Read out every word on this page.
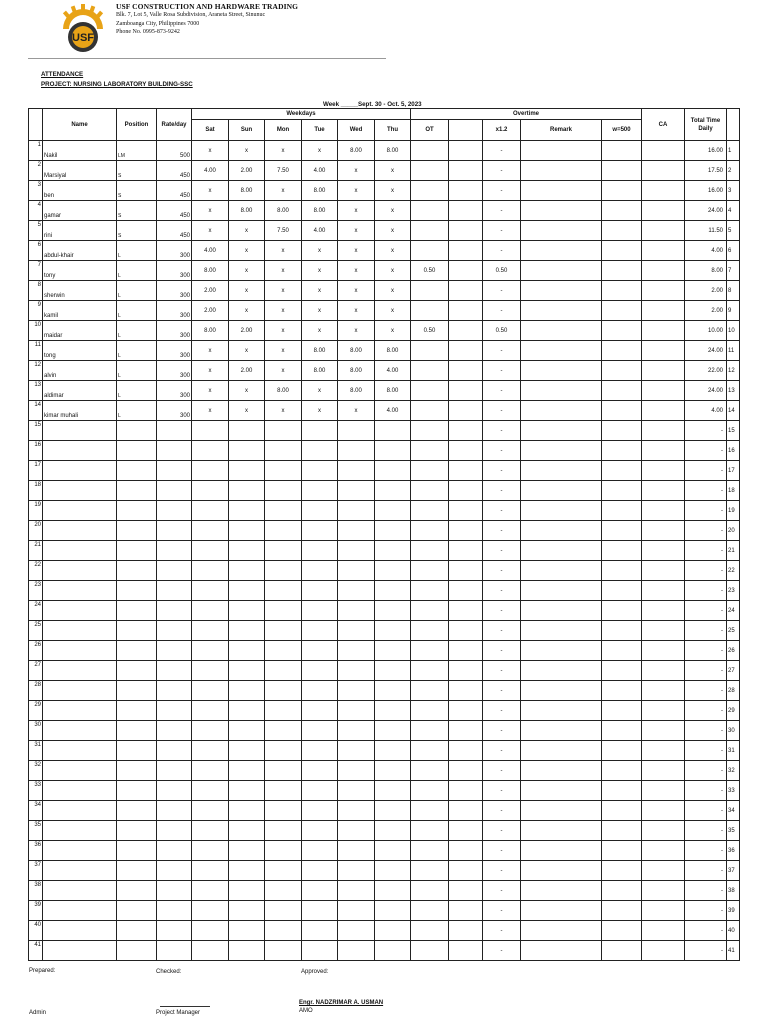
USF
USF CONSTRUCTION AND HARDWARE TRADING
Blk. 7, Lot 5, Valle Rosa Subdivision, Araneta Street, Sinunuc
Zamboanga City, Philippines 7000
Phone No. 0995-873-9242
ATTENDANCE
PROJECT: NURSING LABORATORY BUILDING-SSC
Week _____Sept. 30 - Oct. 5, 2023
	Name	Position	Rate/day	Weekdays						Overtime					CA	Total Time Daily	
				Sat	Sun	Mon	Tue	Wed	Thu	OT		x1.2	Remark	w=500			

1	Nakil	LM	500	x	x	x	x	8.00	8.00			-				16.00	1

2	Marsiyal	S	450	4.00	2.00	7.50	4.00	x	x			-				17.50	2

3	ben	S	450	x	8.00	x	8.00	x	x			-				16.00	3

4	gamar	S	450	x	8.00	8.00	8.00	x	x			-				24.00	4

5	rini	S	450	x	x	7.50	4.00	x	x			-				11.50	5

6	abdul-khair	L	300	4.00	x	x	x	x	x			-				4.00	6

7	tony	L	300	8.00	x	x	x	x	x	0.50		0.50				8.00	7

8	sherwin	L	300	2.00	x	x	x	x	x			-				2.00	8

9	kamil	L	300	2.00	x	x	x	x	x			-				2.00	9

10	maidar	L	300	8.00	2.00	x	x	x	x	0.50		0.50				10.00	10

11	tong	L	300	x	x	x	8.00	8.00	8.00			-				24.00	11

12	alvin	L	300	x	2.00	x	8.00	8.00	4.00			-				22.00	12

13	aldimar	L	300	x	x	8.00	x	8.00	8.00			-				24.00	13

14	kimar muhali	L	300	x	x	x	x	x	4.00			-				4.00	14

15												-				-	15

16												-				-	16

17												-				-	17

18												-				-	18

19												-				-	19

20												-				-	20

21												-				-	21

22												-				-	22

23												-				-	23

24												-				-	24

25												-				-	25

26												-				-	26

27												-				-	27

28												-				-	28

29												-				-	29

30												-				-	30

31												-				-	31

32												-				-	32

33												-				-	33

34												-				-	34

35												-				-	35

36												-				-	36

37												-				-	37

38												-				-	38

39												-				-	39

40												-				-	40

41												-				-	41
Prepared:	Checked:	Approved:
Engr. NADZRIMAR A. USMAN
Admin	Project Manager	AMO
